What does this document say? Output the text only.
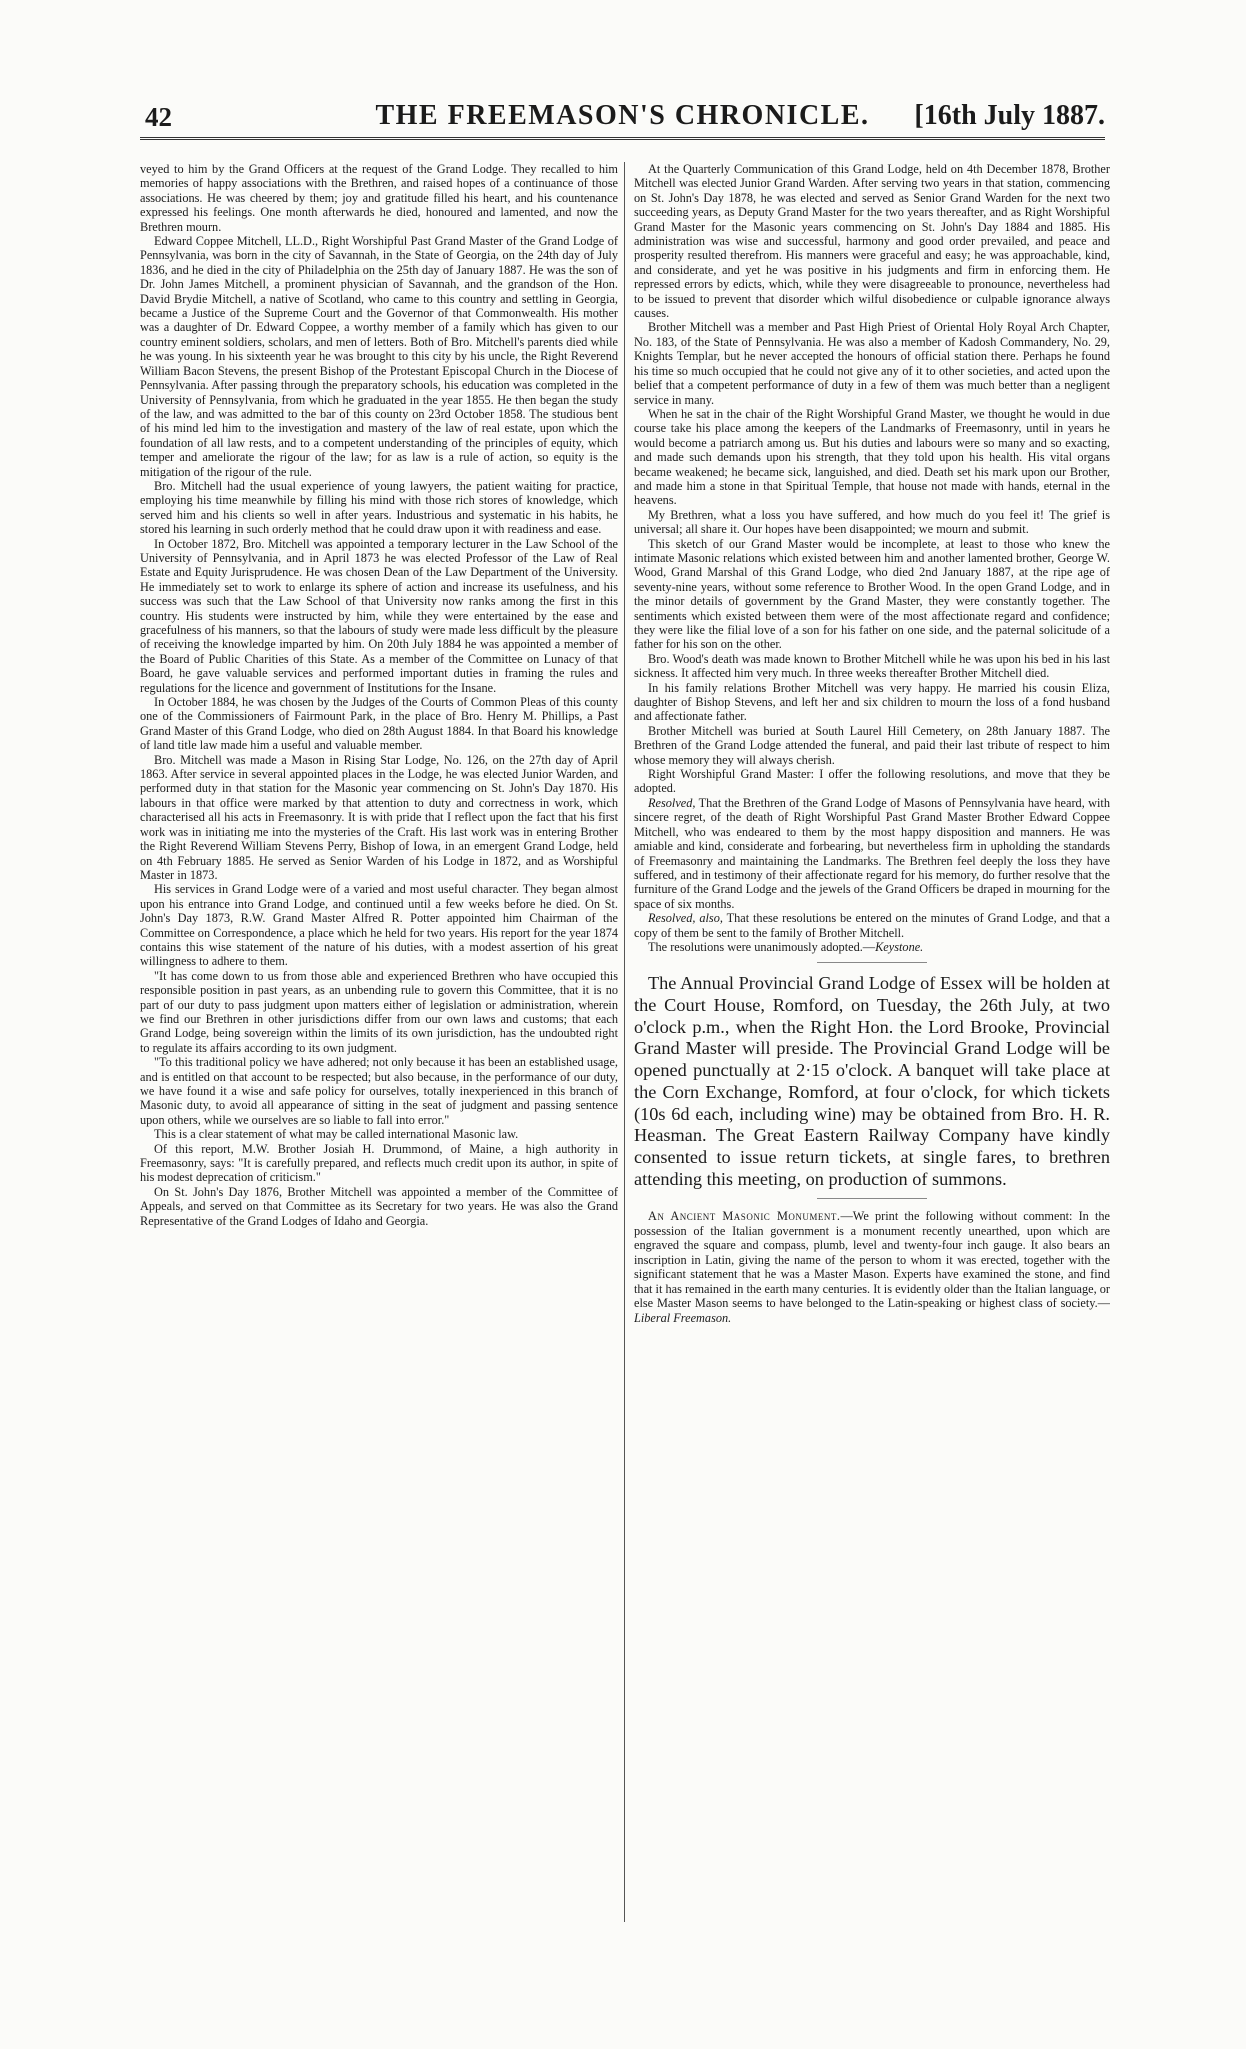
42	THE FREEMASON'S CHRONICLE.	[16th July 1887.

veyed to him by the Grand Officers at the request of the Grand Lodge. They recalled to him memories of happy associations with the Brethren, and raised hopes of a continuance of those associations. He was cheered by them; joy and gratitude filled his heart, and his countenance expressed his feelings. One month afterwards he died, honoured and lamented, and now the Brethren mourn.

Edward Coppee Mitchell, LL.D., Right Worshipful Past Grand Master of the Grand Lodge of Pennsylvania, was born in the city of Savannah, in the State of Georgia, on the 24th day of July 1836, and he died in the city of Philadelphia on the 25th day of January 1887. He was the son of Dr. John James Mitchell, a prominent physician of Savannah, and the grandson of the Hon. David Brydie Mitchell, a native of Scotland, who came to this country and settling in Georgia, became a Justice of the Supreme Court and the Governor of that Commonwealth. His mother was a daughter of Dr. Edward Coppee, a worthy member of a family which has given to our country eminent soldiers, scholars, and men of letters. Both of Bro. Mitchell's parents died while he was young. In his sixteenth year he was brought to this city by his uncle, the Right Reverend William Bacon Stevens, the present Bishop of the Protestant Episcopal Church in the Diocese of Pennsylvania. After passing through the preparatory schools, his education was completed in the University of Pennsylvania, from which he graduated in the year 1855. He then began the study of the law, and was admitted to the bar of this county on 23rd October 1858. The studious bent of his mind led him to the investigation and mastery of the law of real estate, upon which the foundation of all law rests, and to a competent understanding of the principles of equity, which temper and ameliorate the rigour of the law; for as law is a rule of action, so equity is the mitigation of the rigour of the rule.

Bro. Mitchell had the usual experience of young lawyers, the patient waiting for practice, employing his time meanwhile by filling his mind with those rich stores of knowledge, which served him and his clients so well in after years. Industrious and systematic in his habits, he stored his learning in such orderly method that he could draw upon it with readiness and ease.

In October 1872, Bro. Mitchell was appointed a temporary lecturer in the Law School of the University of Pennsylvania, and in April 1873 he was elected Professor of the Law of Real Estate and Equity Jurisprudence. He was chosen Dean of the Law Department of the University. He immediately set to work to enlarge its sphere of action and increase its usefulness, and his success was such that the Law School of that University now ranks among the first in this country. His students were instructed by him, while they were entertained by the ease and gracefulness of his manners, so that the labours of study were made less difficult by the pleasure of receiving the knowledge imparted by him. On 20th July 1884 he was appointed a member of the Board of Public Charities of this State. As a member of the Committee on Lunacy of that Board, he gave valuable services and performed important duties in framing the rules and regulations for the licence and government of Institutions for the Insane.

In October 1884, he was chosen by the Judges of the Courts of Common Pleas of this county one of the Commissioners of Fairmount Park, in the place of Bro. Henry M. Phillips, a Past Grand Master of this Grand Lodge, who died on 28th August 1884. In that Board his knowledge of land title law made him a useful and valuable member.

Bro. Mitchell was made a Mason in Rising Star Lodge, No. 126, on the 27th day of April 1863. After service in several appointed places in the Lodge, he was elected Junior Warden, and performed duty in that station for the Masonic year commencing on St. John's Day 1870. His labours in that office were marked by that attention to duty and correctness in work, which characterised all his acts in Freemasonry. It is with pride that I reflect upon the fact that his first work was in initiating me into the mysteries of the Craft. His last work was in entering Brother the Right Reverend William Stevens Perry, Bishop of Iowa, in an emergent Grand Lodge, held on 4th February 1885. He served as Senior Warden of his Lodge in 1872, and as Worshipful Master in 1873.

His services in Grand Lodge were of a varied and most useful character. They began almost upon his entrance into Grand Lodge, and continued until a few weeks before he died. On St. John's Day 1873, R.W. Grand Master Alfred R. Potter appointed him Chairman of the Committee on Correspondence, a place which he held for two years. His report for the year 1874 contains this wise statement of the nature of his duties, with a modest assertion of his great willingness to adhere to them.

"It has come down to us from those able and experienced Brethren who have occupied this responsible position in past years, as an unbending rule to govern this Committee, that it is no part of our duty to pass judgment upon matters either of legislation or administration, wherein we find our Brethren in other jurisdictions differ from our own laws and customs; that each Grand Lodge, being sovereign within the limits of its own jurisdiction, has the undoubted right to regulate its affairs according to its own judgment.

"To this traditional policy we have adhered; not only because it has been an established usage, and is entitled on that account to be respected; but also because, in the performance of our duty, we have found it a wise and safe policy for ourselves, totally inexperienced in this branch of Masonic duty, to avoid all appearance of sitting in the seat of judgment and passing sentence upon others, while we ourselves are so liable to fall into error."

This is a clear statement of what may be called international Masonic law.

Of this report, M.W. Brother Josiah H. Drummond, of Maine, a high authority in Freemasonry, says: "It is carefully prepared, and reflects much credit upon its author, in spite of his modest deprecation of criticism."

On St. John's Day 1876, Brother Mitchell was appointed a member of the Committee of Appeals, and served on that Committee as its Secretary for two years. He was also the Grand Representative of the Grand Lodges of Idaho and Georgia.

At the Quarterly Communication of this Grand Lodge, held on 4th December 1878, Brother Mitchell was elected Junior Grand Warden. After serving two years in that station, commencing on St. John's Day 1878, he was elected and served as Senior Grand Warden for the next two succeeding years, as Deputy Grand Master for the two years thereafter, and as Right Worshipful Grand Master for the Masonic years commencing on St. John's Day 1884 and 1885. His administration was wise and successful, harmony and good order prevailed, and peace and prosperity resulted therefrom. His manners were graceful and easy; he was approachable, kind, and considerate, and yet he was positive in his judgments and firm in enforcing them. He repressed errors by edicts, which, while they were disagreeable to pronounce, nevertheless had to be issued to prevent that disorder which wilful disobedience or culpable ignorance always causes.

Brother Mitchell was a member and Past High Priest of Oriental Holy Royal Arch Chapter, No. 183, of the State of Pennsylvania. He was also a member of Kadosh Commandery, No. 29, Knights Templar, but he never accepted the honours of official station there. Perhaps he found his time so much occupied that he could not give any of it to other societies, and acted upon the belief that a competent performance of duty in a few of them was much better than a negligent service in many.

When he sat in the chair of the Right Worshipful Grand Master, we thought he would in due course take his place among the keepers of the Landmarks of Freemasonry, until in years he would become a patriarch among us. But his duties and labours were so many and so exacting, and made such demands upon his strength, that they told upon his health. His vital organs became weakened; he became sick, languished, and died. Death set his mark upon our Brother, and made him a stone in that Spiritual Temple, that house not made with hands, eternal in the heavens.

My Brethren, what a loss you have suffered, and how much do you feel it! The grief is universal; all share it. Our hopes have been disappointed; we mourn and submit.

This sketch of our Grand Master would be incomplete, at least to those who knew the intimate Masonic relations which existed between him and another lamented brother, George W. Wood, Grand Marshal of this Grand Lodge, who died 2nd January 1887, at the ripe age of seventy-nine years, without some reference to Brother Wood. In the open Grand Lodge, and in the minor details of government by the Grand Master, they were constantly together. The sentiments which existed between them were of the most affectionate regard and confidence; they were like the filial love of a son for his father on one side, and the paternal solicitude of a father for his son on the other.

Bro. Wood's death was made known to Brother Mitchell while he was upon his bed in his last sickness. It affected him very much. In three weeks thereafter Brother Mitchell died.

In his family relations Brother Mitchell was very happy. He married his cousin Eliza, daughter of Bishop Stevens, and left her and six children to mourn the loss of a fond husband and affectionate father.

Brother Mitchell was buried at South Laurel Hill Cemetery, on 28th January 1887. The Brethren of the Grand Lodge attended the funeral, and paid their last tribute of respect to him whose memory they will always cherish.

Right Worshipful Grand Master: I offer the following resolutions, and move that they be adopted.

Resolved, That the Brethren of the Grand Lodge of Masons of Pennsylvania have heard, with sincere regret, of the death of Right Worshipful Past Grand Master Brother Edward Coppee Mitchell, who was endeared to them by the most happy disposition and manners. He was amiable and kind, considerate and forbearing, but nevertheless firm in upholding the standards of Freemasonry and maintaining the Landmarks. The Brethren feel deeply the loss they have suffered, and in testimony of their affectionate regard for his memory, do further resolve that the furniture of the Grand Lodge and the jewels of the Grand Officers be draped in mourning for the space of six months.

Resolved, also, That these resolutions be entered on the minutes of Grand Lodge, and that a copy of them be sent to the family of Brother Mitchell.

The resolutions were unanimously adopted.—Keystone.

The Annual Provincial Grand Lodge of Essex will be holden at the Court House, Romford, on Tuesday, the 26th July, at two o'clock p.m., when the Right Hon. the Lord Brooke, Provincial Grand Master will preside. The Provincial Grand Lodge will be opened punctually at 2·15 o'clock. A banquet will take place at the Corn Exchange, Romford, at four o'clock, for which tickets (10s 6d each, including wine) may be obtained from Bro. H. R. Heasman. The Great Eastern Railway Company have kindly consented to issue return tickets, at single fares, to brethren attending this meeting, on production of summons.

An Ancient Masonic Monument.—We print the following without comment: In the possession of the Italian government is a monument recently unearthed, upon which are engraved the square and compass, plumb, level and twenty-four inch gauge. It also bears an inscription in Latin, giving the name of the person to whom it was erected, together with the significant statement that he was a Master Mason. Experts have examined the stone, and find that it has remained in the earth many centuries. It is evidently older than the Italian language, or else Master Mason seems to have belonged to the Latin-speaking or highest class of society.—Liberal Freemason.
